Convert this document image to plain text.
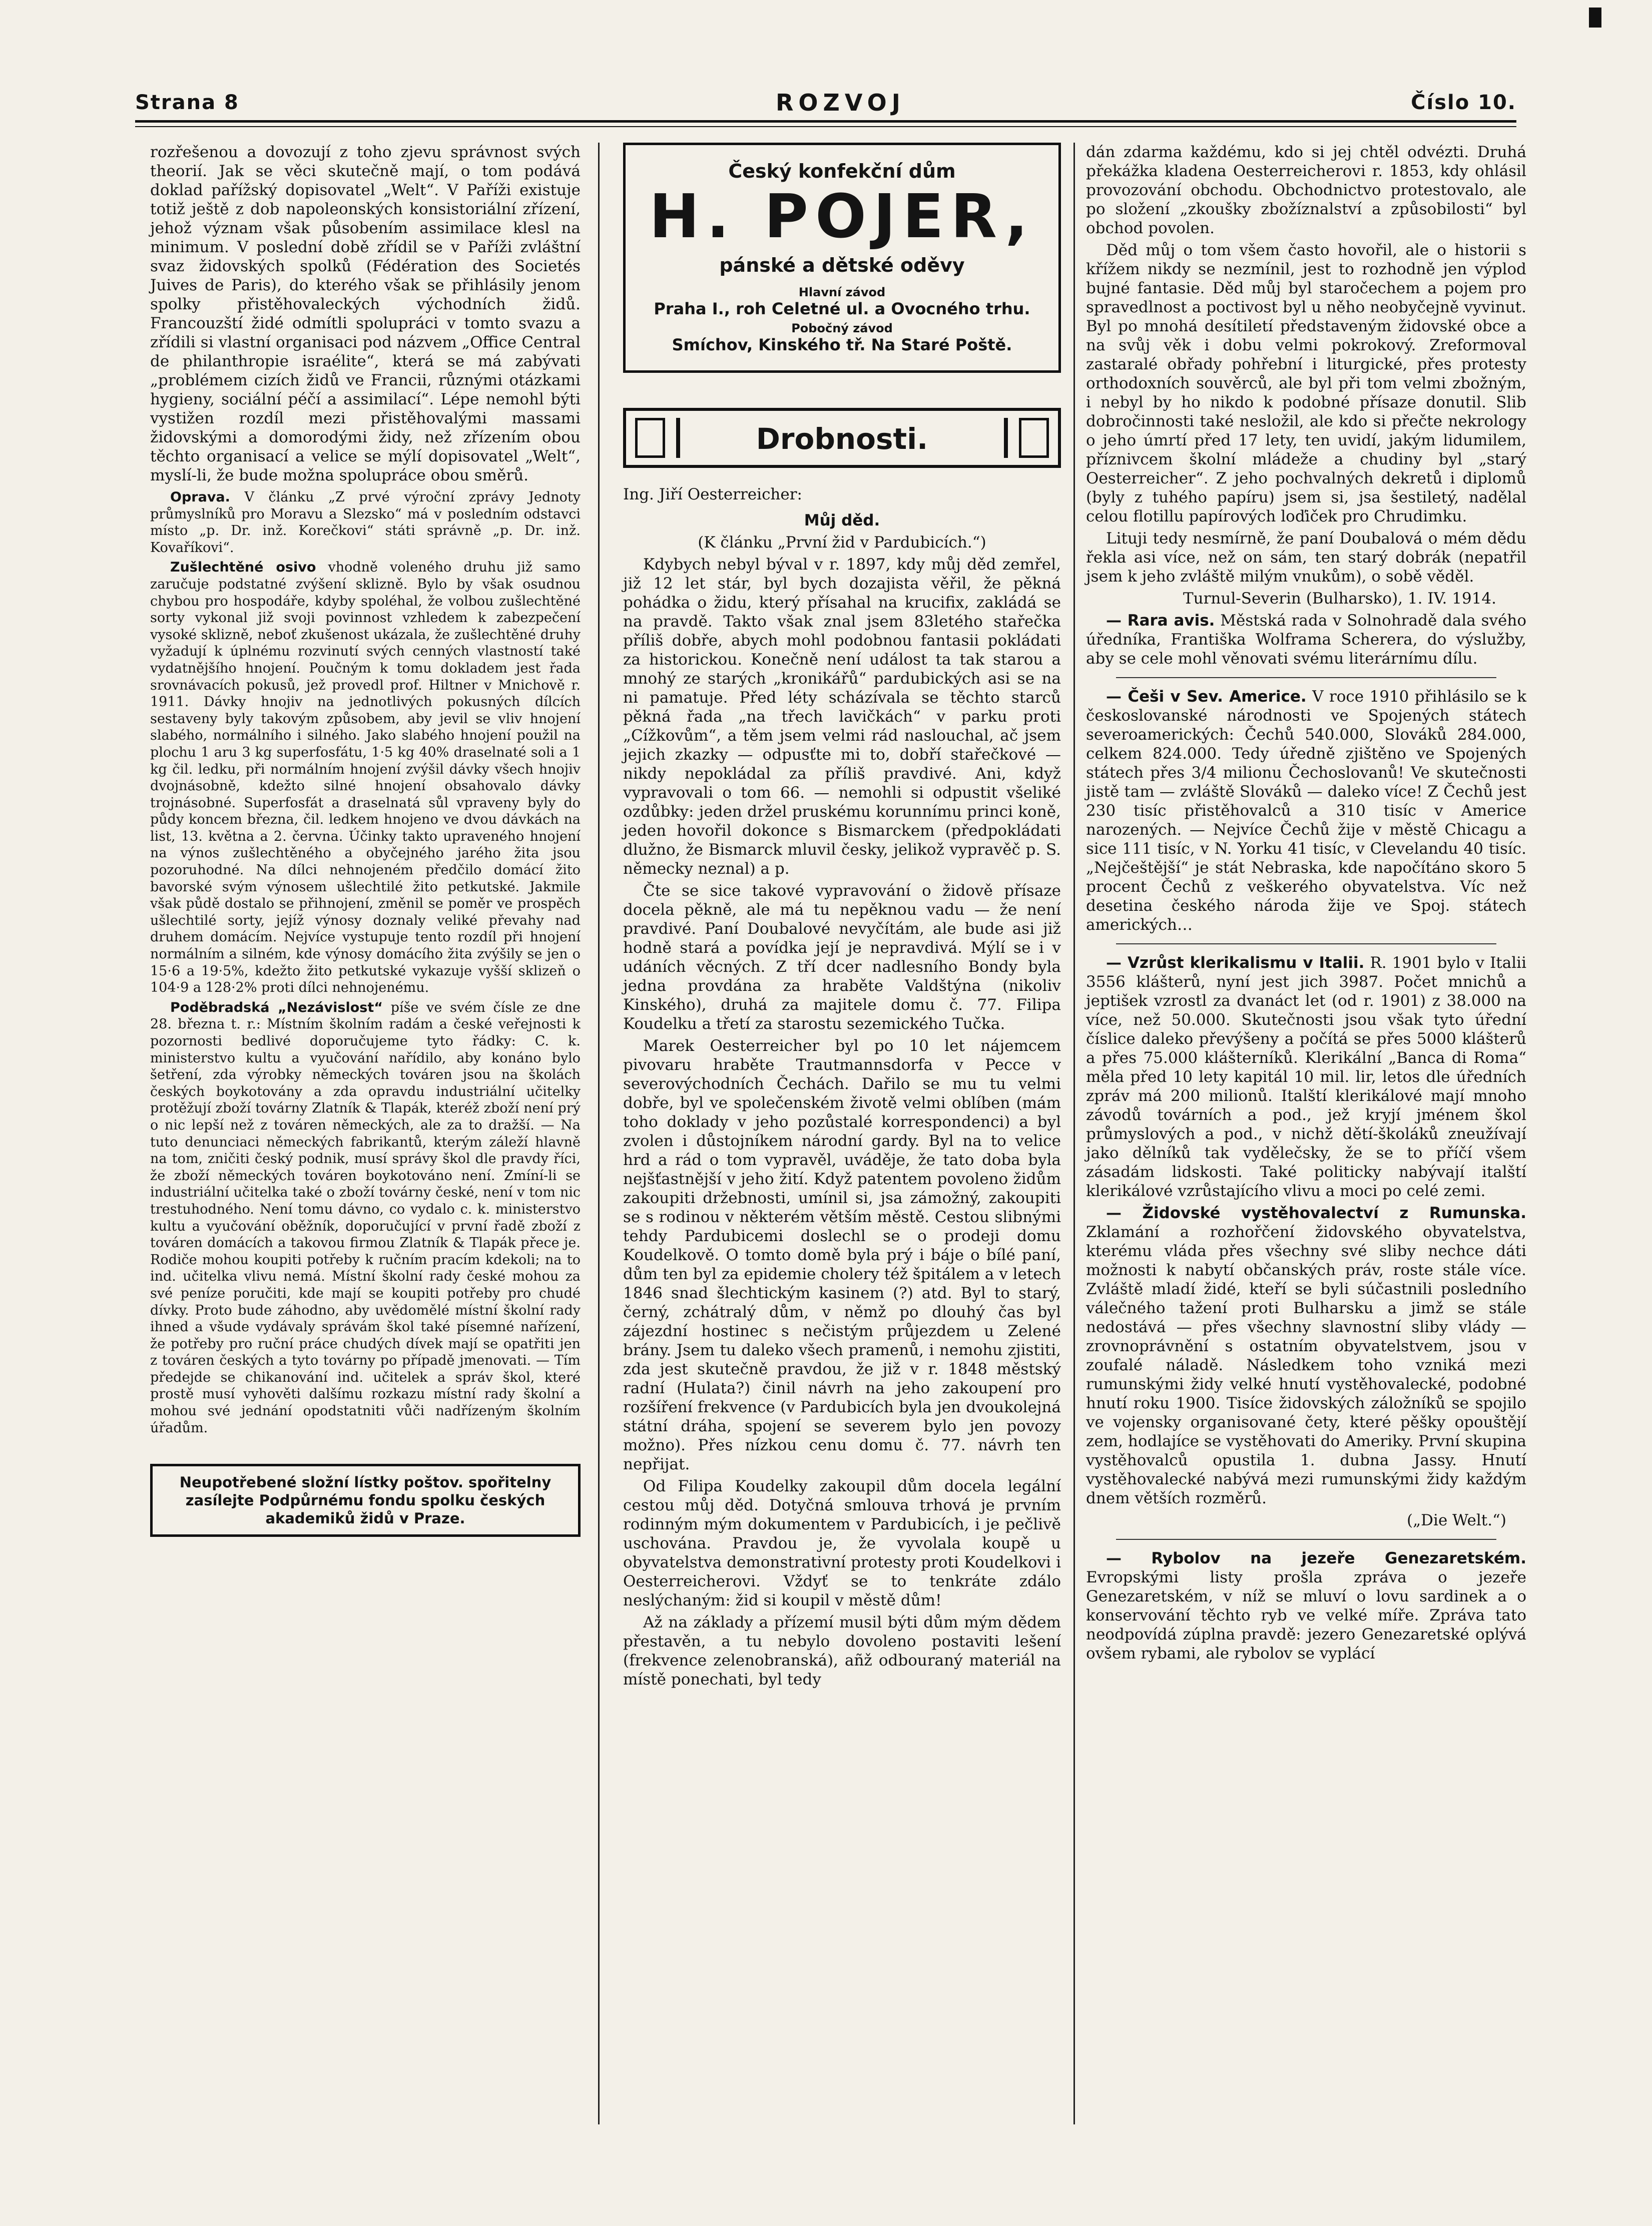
Strana 8	ROZVOJ	Číslo 10.

rozřešenou a dovozují z toho zjevu správnost svých theorií. Jak se věci skutečně mají, o tom podává doklad pařížský dopisovatel „Welt“. V Paříži existuje totiž ještě z dob napoleonských konsistoriální zřízení, jehož význam však působením assimilace klesl na minimum. V poslední době zřídil se v Paříži zvláštní svaz židovských spolků (Fédération des Societés Juives de Paris), do kterého však se přihlásily jenom spolky přistěhovaleckých východních židů. Francouzští židé odmítli spolupráci v tomto svazu a zřídili si vlastní organisaci pod názvem „Office Central de philanthropie israélite“, která se má zabývati „problémem cizích židů ve Francii, různými otázkami hygieny, sociální péčí a assimilací“. Lépe nemohl býti vystižen rozdíl mezi přistěhovalými massami židovskými a domorodými židy, než zřízením obou těchto organisací a velice se mýlí dopisovatel „Welt“, myslí-li, že bude možna spolupráce obou směrů.

Oprava. V článku „Z prvé výroční zprávy Jednoty průmyslníků pro Moravu a Slezsko“ má v posledním odstavci místo „p. Dr. inž. Korečkovi“ státi správně „p. Dr. inž. Kovaříkovi“.

Zušlechtěné osivo vhodně voleného druhu již samo zaručuje podstatné zvýšení sklizně. Bylo by však osudnou chybou pro hospodáře, kdyby spoléhal, že volbou zušlechtěné sorty vykonal již svoji povinnost vzhledem k zabezpečení vysoké sklizně, neboť zkušenost ukázala, že zušlechtěné druhy vyžadují k úplnému rozvinutí svých cenných vlastností také vydatnějšího hnojení. Poučným k tomu dokladem jest řada srovnávacích pokusů, jež provedl prof. Hiltner v Mnichově r. 1911. Dávky hnojiv na jednotlivých pokusných dílcích sestaveny byly takovým způsobem, aby jevil se vliv hnojení slabého, normálního i silného. Jako slabého hnojení použil na plochu 1 aru 3 kg superfosfátu, 1·5 kg 40% draselnaté soli a 1 kg čil. ledku, při normálním hnojení zvýšil dávky všech hnojiv dvojnásobně, kdežto silné hnojení obsahovalo dávky trojnásobné. Superfosfát a draselnatá sůl vpraveny byly do půdy koncem března, čil. ledkem hnojeno ve dvou dávkách na list, 13. května a 2. června. Účinky takto upraveného hnojení na výnos zušlechtěného a obyčejného jarého žita jsou pozoruhodné. Na dílci nehnojeném předčilo domácí žito bavorské svým výnosem ušlechtilé žito petkutské. Jakmile však půdě dostalo se přihnojení, změnil se poměr ve prospěch ušlechtilé sorty, jejíž výnosy doznaly veliké převahy nad druhem domácím. Nejvíce vystupuje tento rozdíl při hnojení normálním a silném, kde výnosy domácího žita zvýšily se jen o 15·6 a 19·5%, kdežto žito petkutské vykazuje vyšší sklizeň o 104·9 a 128·2% proti dílci nehnojenému.

Poděbradská „Nezávislost“ píše ve svém čísle ze dne 28. března t. r.: Místním školním radám a české veřejnosti k pozornosti bedlivé doporučujeme tyto řádky: C. k. ministerstvo kultu a vyučování nařídilo, aby konáno bylo šetření, zda výrobky německých továren jsou na školách českých boykotovány a zda opravdu industriální učitelky protěžují zboží továrny Zlatník & Tlapák, kteréž zboží není prý o nic lepší než z továren německých, ale za to dražší. — Na tuto denunciaci německých fabrikantů, kterým záleží hlavně na tom, zničiti český podnik, musí správy škol dle pravdy říci, že zboží německých továren boykotováno není. Zmíní-li se industriální učitelka také o zboží továrny české, není v tom nic trestuhodného. Není tomu dávno, co vydalo c. k. ministerstvo kultu a vyučování oběžník, doporučující v první řadě zboží z továren domácích a takovou firmou Zlatník & Tlapák přece je. Rodiče mohou koupiti potřeby k ručním pracím kdekoli; na to ind. učitelka vlivu nemá. Místní školní rady české mohou za své peníze poručiti, kde mají se koupiti potřeby pro chudé dívky. Proto bude záhodno, aby uvědomělé místní školní rady ihned a všude vydávaly správám škol také písemné nařízení, že potřeby pro ruční práce chudých dívek mají se opatřiti jen z továren českých a tyto továrny po případě jmenovati. — Tím předejde se chikanování ind. učitelek a správ škol, které prostě musí vyhověti dalšímu rozkazu místní rady školní a mohou své jednání opodstatniti vůči nadřízeným školním úřadům.

Neupotřebené složní lístky poštov. spořitelny zasílejte Podpůrnému fondu spolku českých akademiků židů v Praze.
Český konfekční dům
H. POJER,
pánské a dětské oděvy
Hlavní závod
Praha I., roh Celetné ul. a Ovocného trhu.
Pobočný závod
Smíchov, Kinského tř. Na Staré Poště.
Drobnosti.

Ing. Jiří Oesterreicher:

Můj děd.

(K článku „První žid v Pardubicích.“)

Kdybych nebyl býval v r. 1897, kdy můj děd zemřel, již 12 let stár, byl bych dozajista věřil, že pěkná pohádka o židu, který přísahal na krucifix, zakládá se na pravdě. Takto však znal jsem 83letého stařečka příliš dobře, abych mohl podobnou fantasii pokládati za historickou. Konečně není událost ta tak starou a mnohý ze starých „kronikářů“ pardubických asi se na ni pamatuje. Před léty scházívala se těchto starců pěkná řada „na třech lavičkách“ v parku proti „Cížkovům“, a těm jsem velmi rád naslouchal, ač jsem jejich zkazky — odpusťte mi to, dobří stařečkové — nikdy nepokládal za příliš pravdivé. Ani, když vypravovali o tom 66. — nemohli si odpustit všeliké ozdůbky: jeden držel pruskému korunnímu princi koně, jeden hovořil dokonce s Bismarckem (předpokládati dlužno, že Bismarck mluvil česky, jelikož vypravěč p. S. německy neznal) a p.

Čte se sice takové vypravování o židově přísaze docela pěkně, ale má tu nepěknou vadu — že není pravdivé. Paní Doubalové nevyčítám, ale bude asi již hodně stará a povídka její je nepravdivá. Mýlí se i v udáních věcných. Z tří dcer nadlesního Bondy byla jedna provdána za hraběte Valdštýna (nikoliv Kinského), druhá za majitele domu č. 77. Filipa Koudelku a třetí za starostu sezemického Tučka.

Marek Oesterreicher byl po 10 let nájemcem pivovaru hraběte Trautmannsdorfa v Pecce v severovýchodních Čechách. Dařilo se mu tu velmi dobře, byl ve společenském životě velmi oblíben (mám toho doklady v jeho pozůstalé korrespondenci) a byl zvolen i důstojníkem národní gardy. Byl na to velice hrd a rád o tom vypravěl, uváděje, že tato doba byla nejšťastnější v jeho žití. Když patentem povoleno židům zakoupiti držebnosti, umínil si, jsa zámožný, zakoupiti se s rodinou v některém větším městě. Cestou slibnými tehdy Pardubicemi doslechl se o prodeji domu Koudelkově. O tomto domě byla prý i báje o bílé paní, dům ten byl za epidemie cholery též špitálem a v letech 1846 snad šlechtickým kasinem (?) atd. Byl to starý, černý, zchátralý dům, v němž po dlouhý čas byl zájezdní hostinec s nečistým průjezdem u Zelené brány. Jsem tu dalekо všech pramenů, i nemohu zjistiti, zda jest skutečně pravdou, že již v r. 1848 městský radní (Hulata?) činil návrh na jeho zakoupení pro rozšíření frekvence (v Pardubicích byla jen dvoukolejná státní dráha, spojení se severem bylo jen povozy možno). Přes nízkou cenu domu č. 77. návrh ten nepřijat.

Od Filipa Koudelky zakoupil dům docela legální cestou můj děd. Dotyčná smlouva trhová je prvním rodinným mým dokumentem v Pardubicích, i je pečlivě uschována. Pravdou je, že vyvolala koupě u obyvatelstva demonstrativní protesty proti Koudelkovi i Oesterreicherovi. Vždyť se to tenkráte zdálo neslýchaným: žid si koupil v městě dům!

Až na základy a přízemí musil býti dům mým dědem přestavěn, a tu nebylo dovoleno postaviti lešení (frekvence zelenobranská), añž odbouraný materiál na místě ponechati, byl tedy

dán zdarma každému, kdo si jej chtěl odvézti. Druhá překážka kladena Oesterreicherovi r. 1853, kdy ohlásil provozování obchodu. Obchodnictvo protestovalo, ale po složení „zkoušky zbožíznalství a způsobilosti“ byl obchod povolen.

Děd můj o tom všem často hovořil, ale o historii s křížem nikdy se nezmínil, jest to rozhodně jen výplod bujné fantasie. Děd můj byl staročechem a pojem pro spravedlnost a poctivost byl u něho neobyčejně vyvinut. Byl po mnohá desítiletí představeným židovské obce a na svůj věk i dobu velmi pokrokový. Zreformoval zastaralé obřady pohřební i liturgické, přes protesty orthodoxních souvěrců, ale byl při tom velmi zbožným, i nebyl by ho nikdo k podobné přísaze donutil. Slib dobročinnosti také nesložil, ale kdo si přečte nekrology o jeho úmrtí před 17 lety, ten uvidí, jakým lidumilem, příznivcem školní mládeže a chudiny byl „starý Oesterreicher“. Z jeho pochvalných dekretů i diplomů (byly z tuhého papíru) jsem si, jsa šestiletý, nadělal celou flotillu papírových loďiček pro Chrudimku.

Lituji tedy nesmírně, že paní Doubalová o mém dědu řekla asi více, než on sám, ten starý dobrák (nepatřil jsem k jeho zvláště milým vnukům), o sobě věděl.

Turnul-Severin (Bulharsko), 1. IV. 1914.

— Rara avis. Městská rada v Solnohradě dala svého úředníka, Františka Wolframa Scherera, do výslužby, aby se cele mohl věnovati svému literárnímu dílu.

— Češi v Sev. Americe. V roce 1910 přihlásilo se k českoslovanské národnosti ve Spojených státech severoamerických: Čechů 540.000, Slováků 284.000, celkem 824.000. Tedy úředně zjištěno ve Spojených státech přes 3/4 milionu Čechoslovanů! Ve skutečnosti jistě tam — zvláště Slováků — daleko více! Z Čechů jest 230 tisíc přistěhovalců a 310 tisíc v Americe narozených. — Nejvíce Čechů žije v městě Chicagu a sice 111 tisíc, v N. Yorku 41 tisíc, v Clevelandu 40 tisíc. „Nejčeštější“ je stát Nebraska, kde napočítáno skoro 5 procent Čechů z veškerého obyvatelstva. Víc než desetina českého národa žije ve Spoj. státech amerických…

— Vzrůst klerikalismu v Italii. R. 1901 bylo v Italii 3556 klášterů, nyní jest jich 3987. Počet mnichů a jeptišek vzrostl za dvanáct let (od r. 1901) z 38.000 na více, než 50.000. Skutečnosti jsou však tyto úřední číslice daleko převýšeny a počítá se přes 5000 klášterů a přes 75.000 klášterníků. Klerikální „Banca di Roma“ měla před 10 lety kapitál 10 mil. lir, letos dle úředních zpráv má 200 milionů. Italští klerikálové mají mnoho závodů továrních a pod., jež kryjí jménem škol průmyslových a pod., v nichž dětí-školáků zneužívají jako dělníků tak vydělečsky, že se to příčí všem zásadám lidskosti. Také politicky nabývají italští klerikálové vzrůstajícího vlivu a moci po celé zemi.

— Židovské vystěhovalectví z Rumunska. Zklamání a rozhořčení židovského obyvatelstva, kterému vláda přes všechny své sliby nechce dáti možnosti k nabytí občanských práv, roste stále více. Zvláště mladí židé, kteří se byli súčastnili posledního válečného tažení proti Bulharsku a jimž se stále nedostává — přes všechny slavnostní sliby vlády — zrovnoprávnění s ostatním obyvatelstvem, jsou v zoufalé náladě. Následkem toho vzniká mezi rumunskými židy velké hnutí vystěhovalecké, podobné hnutí roku 1900. Tisíce židovských záložníků se spojilo ve vojensky organisované čety, které pěšky opouštějí zem, hodlajíce se vystěhovati do Ameriky. První skupina vystěhovalců opustila 1. dubna Jassy. Hnutí vystěhovalecké nabývá mezi rumunskými židy každým dnem větších rozměrů.

(„Die Welt.“)

— Rybolov na jezeře Genezaretském. Evropskými listy prošla zpráva o jezeře Genezaretském, v níž se mluví o lovu sardinek a o konservování těchto ryb ve velké míře. Zpráva tato neodpovídá zúplna pravdě: jezero Genezaretské oplývá ovšem rybami, ale rybolov se vyplácí
